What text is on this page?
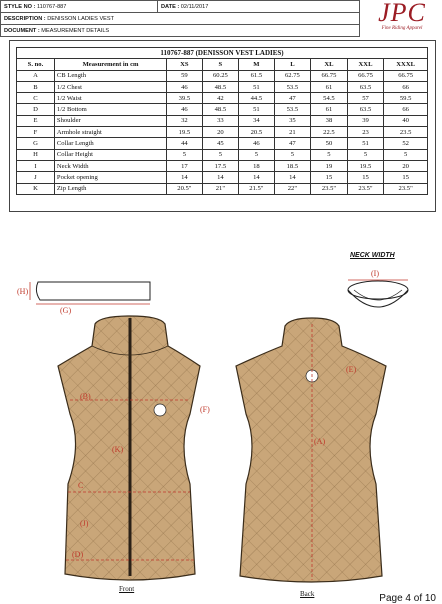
STYLE NO : 110767-887	DATE : 02/11/2017
DESCRIPTION : DENISSON LADIES VEST
DOCUMENT : MEASUREMENT DETAILS
JPC
Fine Riding Apparel
110767-887 (DENISSON VEST LADIES)								
S. no.	Measurement in cm	XS	S	M	L	XL	XXL	XXXL
A	CB Length	59	60.25	61.5	62.75	66.75	66.75	66.75
B	1/2 Chest	46	48.5	51	53.5	61	63.5	66
C	1/2 Waist	39.5	42	44.5	47	54.5	57	59.5
D	1/2 Bottom	46	48.5	51	53.5	61	63.5	66
E	Shoulder	32	33	34	35	38	39	40
F	Armhole straight	19.5	20	20.5	21	22.5	23	23.5
G	Collar Length	44	45	46	47	50	51	52
H	Collar Height	5	5	5	5	5	5	5
I	Neck Width	17	17.5	18	18.5	19	19.5	20
J	Pocket opening	14	14	14	14	15	15	15
K	Zip Length	20.5"	21"	21.5"	22"	23.5"	23.5"	23.5"
(H)
(G)
(I)
(B)
(F)
(K)
C
(J)
(D)
(E)
(A)
Front
Back
NECK WIDTH
Page 4 of 10
